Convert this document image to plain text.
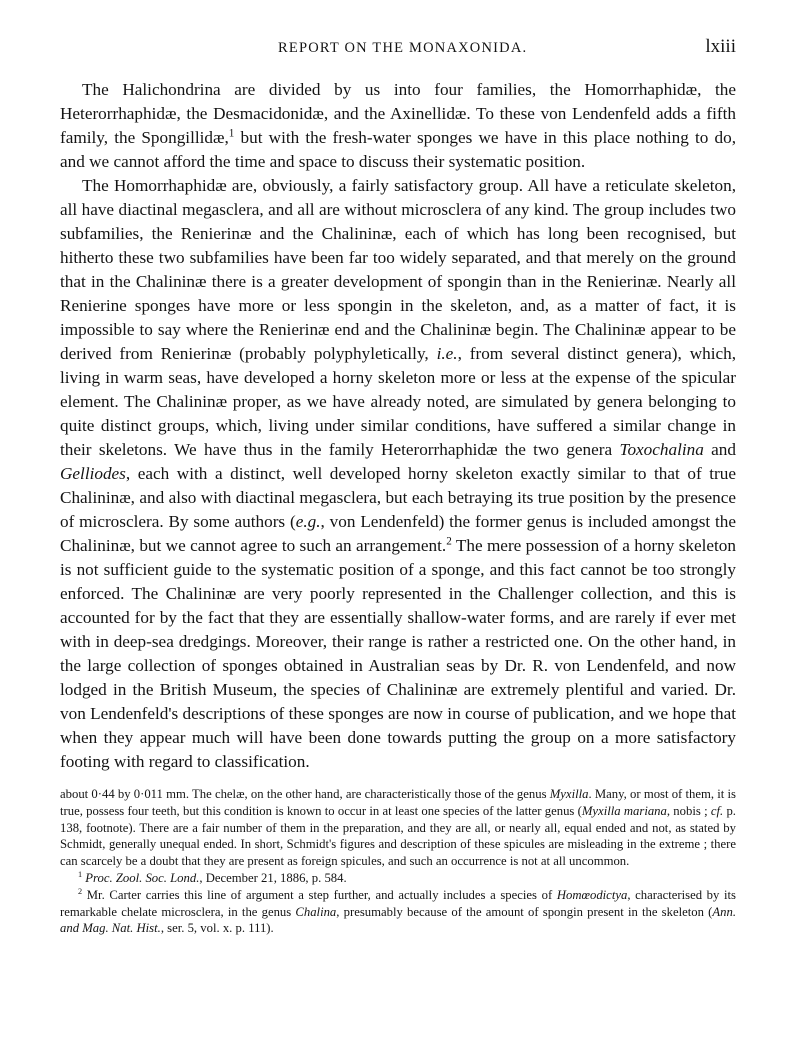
REPORT ON THE MONAXONIDA.	lxiii

The Halichondrina are divided by us into four families, the Homorrhaphidæ, the Heterorrhaphidæ, the Desmacidonidæ, and the Axinellidæ. To these von Lendenfeld adds a fifth family, the Spongillidæ,$^1$ but with the fresh-water sponges we have in this place nothing to do, and we cannot afford the time and space to discuss their systematic position.

The Homorrhaphidæ are, obviously, a fairly satisfactory group. All have a reticulate skeleton, all have diactinal megasclera, and all are without microsclera of any kind. The group includes two subfamilies, the Renierinæ and the Chalininæ, each of which has long been recognised, but hitherto these two subfamilies have been far too widely separated, and that merely on the ground that in the Chalininæ there is a greater development of spongin than in the Renierinæ. Nearly all Renierine sponges have more or less spongin in the skeleton, and, as a matter of fact, it is impossible to say where the Renierinæ end and the Chalininæ begin. The Chalininæ appear to be derived from Renierinæ (probably polyphyletically, i.e., from several distinct genera), which, living in warm seas, have developed a horny skeleton more or less at the expense of the spicular element. The Chalininæ proper, as we have already noted, are simulated by genera belonging to quite distinct groups, which, living under similar conditions, have suffered a similar change in their skeletons. We have thus in the family Heterorrhaphidæ the two genera Toxochalina and Gelliodes, each with a distinct, well developed horny skeleton exactly similar to that of true Chalininæ, and also with diactinal megasclera, but each betraying its true position by the presence of microsclera. By some authors (e.g., von Lendenfeld) the former genus is included amongst the Chalininæ, but we cannot agree to such an arrangement.$^2$ The mere possession of a horny skeleton is not sufficient guide to the systematic position of a sponge, and this fact cannot be too strongly enforced. The Chalininæ are very poorly represented in the Challenger collection, and this is accounted for by the fact that they are essentially shallow-water forms, and are rarely if ever met with in deep-sea dredgings. Moreover, their range is rather a restricted one. On the other hand, in the large collection of sponges obtained in Australian seas by Dr. R. von Lendenfeld, and now lodged in the British Museum, the species of Chalininæ are extremely plentiful and varied. Dr. von Lendenfeld's descriptions of these sponges are now in course of publication, and we hope that when they appear much will have been done towards putting the group on a more satisfactory footing with regard to classification.

about 0·44 by 0·011 mm. The chelæ, on the other hand, are characteristically those of the genus Myxilla. Many, or most of them, it is true, possess four teeth, but this condition is known to occur in at least one species of the latter genus (Myxilla mariana, nobis ; cf. p. 138, footnote). There are a fair number of them in the preparation, and they are all, or nearly all, equal ended and not, as stated by Schmidt, generally unequal ended. In short, Schmidt's figures and description of these spicules are misleading in the extreme ; there can scarcely be a doubt that they are present as foreign spicules, and such an occurrence is not at all uncommon.

$^1$ Proc. Zool. Soc. Lond., December 21, 1886, p. 584.

$^2$ Mr. Carter carries this line of argument a step further, and actually includes a species of Homœodictya, characterised by its remarkable chelate microsclera, in the genus Chalina, presumably because of the amount of spongin present in the skeleton (Ann. and Mag. Nat. Hist., ser. 5, vol. x. p. 111).
